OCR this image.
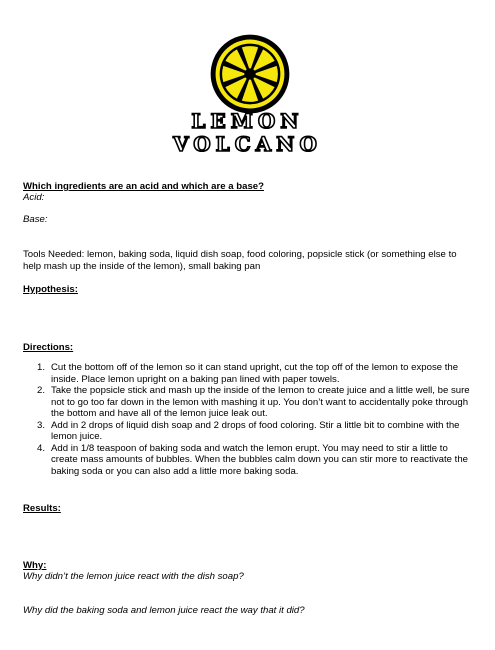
LEMON
VOLCANO
Which ingredients are an acid and which are a base?
Acid:
Base:
Tools Needed: lemon, baking soda, liquid dish soap, food coloring, popsicle stick (or something else to help mash up the inside of the lemon), small baking pan
Hypothesis:
Directions:
1. Cut the bottom off of the lemon so it can stand upright, cut the top off of the lemon to expose the inside. Place lemon upright on a baking pan lined with paper towels.
2. Take the popsicle stick and mash up the inside of the lemon to create juice and a little well, be sure not to go too far down in the lemon with mashing it up. You don’t want to accidentally poke through the bottom and have all of the lemon juice leak out.
3. Add in 2 drops of liquid dish soap and 2 drops of food coloring. Stir a little bit to combine with the lemon juice.
4. Add in 1/8 teaspoon of baking soda and watch the lemon erupt. You may need to stir a little to create mass amounts of bubbles. When the bubbles calm down you can stir more to reactivate the baking soda or you can also add a little more baking soda.
Results:
Why:
Why didn’t the lemon juice react with the dish soap?
Why did the baking soda and lemon juice react the way that it did?
